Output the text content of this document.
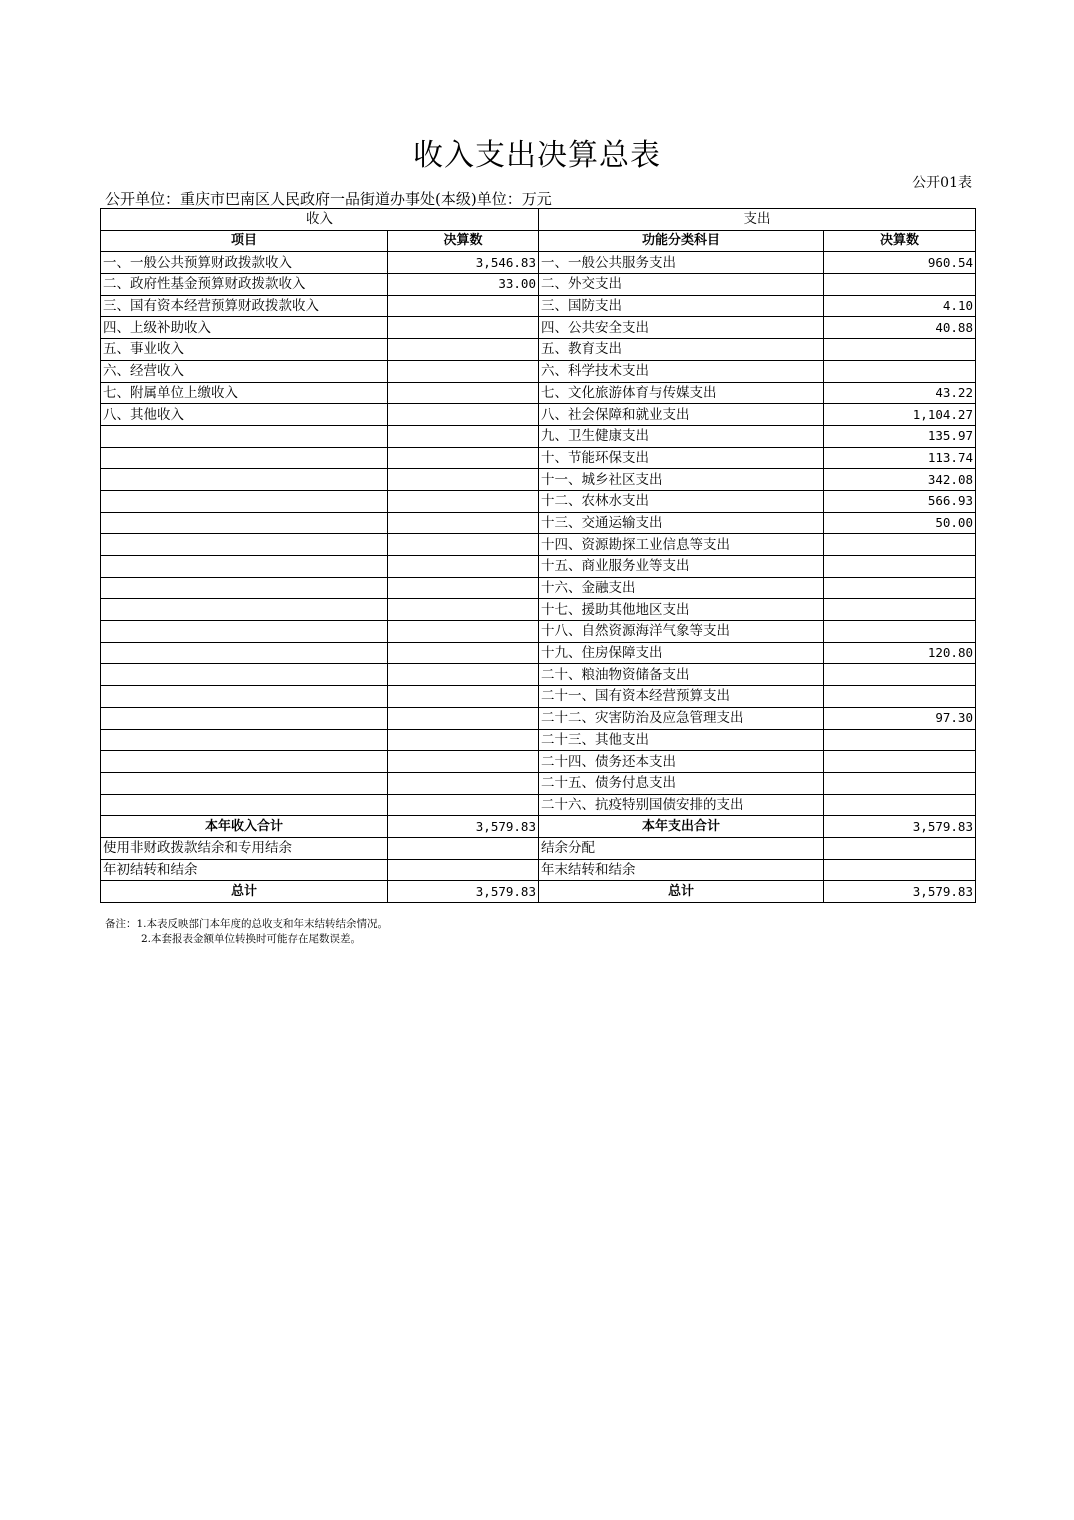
收入支出决算总表
公开01表
公开单位：重庆市巴南区人民政府一品街道办事处(本级)单位：万元
收入		支出	
项目	决算数	功能分类科目	决算数
一、一般公共预算财政拨款收入	3,546.83	一、一般公共服务支出	960.54
二、政府性基金预算财政拨款收入	33.00	二、外交支出	
三、国有资本经营预算财政拨款收入		三、国防支出	4.10
四、上级补助收入		四、公共安全支出	40.88
五、事业收入		五、教育支出	
六、经营收入		六、科学技术支出	
七、附属单位上缴收入		七、文化旅游体育与传媒支出	43.22
八、其他收入		八、社会保障和就业支出	1,104.27
		九、卫生健康支出	135.97
		十、节能环保支出	113.74
		十一、城乡社区支出	342.08
		十二、农林水支出	566.93
		十三、交通运输支出	50.00
		十四、资源勘探工业信息等支出	
		十五、商业服务业等支出	
		十六、金融支出	
		十七、援助其他地区支出	
		十八、自然资源海洋气象等支出	
		十九、住房保障支出	120.80
		二十、粮油物资储备支出	
		二十一、国有资本经营预算支出	
		二十二、灾害防治及应急管理支出	97.30
		二十三、其他支出	
		二十四、债务还本支出	
		二十五、债务付息支出	
		二十六、抗疫特别国债安排的支出	
本年收入合计	3,579.83	本年支出合计	3,579.83
使用非财政拨款结余和专用结余		结余分配	
年初结转和结余		年末结转和结余	
总计	3,579.83	总计	3,579.83
备注：1.本表反映部门本年度的总收支和年末结转结余情况。
2.本套报表金额单位转换时可能存在尾数误差。
